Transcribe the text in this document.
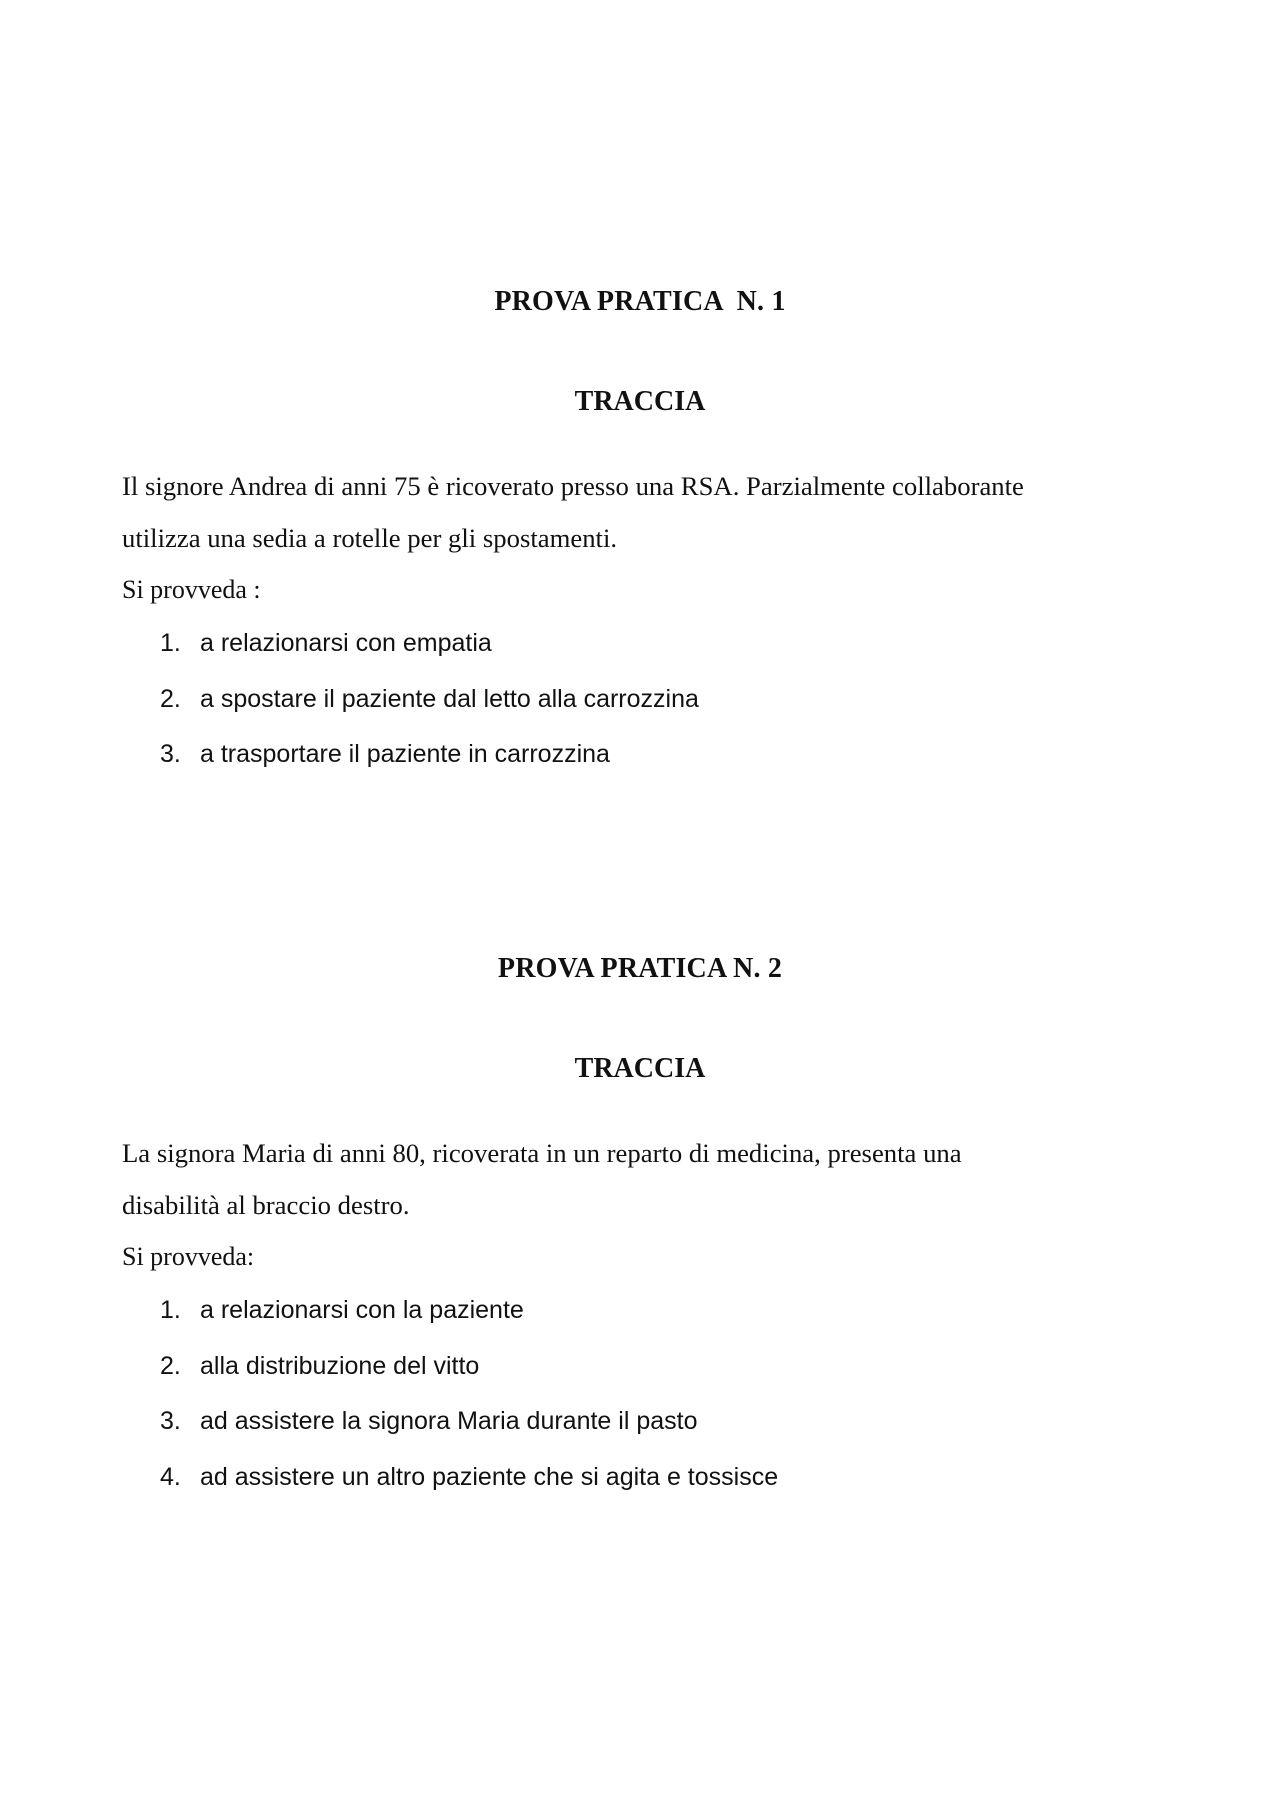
PROVA PRATICA  N. 1
TRACCIA

Il signore Andrea di anni 75 è ricoverato presso una RSA. Parzialmente collaborante

utilizza una sedia a rotelle per gli spostamenti.

Si provveda :

1. a relazionarsi con empatia
2. a spostare il paziente dal letto alla carrozzina
3. a trasportare il paziente in carrozzina
PROVA PRATICA N. 2
TRACCIA

La signora Maria di anni 80, ricoverata in un reparto di medicina, presenta una

disabilità al braccio destro.

Si provveda:

1. a relazionarsi con la paziente
2. alla distribuzione del vitto
3. ad assistere la signora Maria durante il pasto
4. ad assistere un altro paziente che si agita e tossisce
